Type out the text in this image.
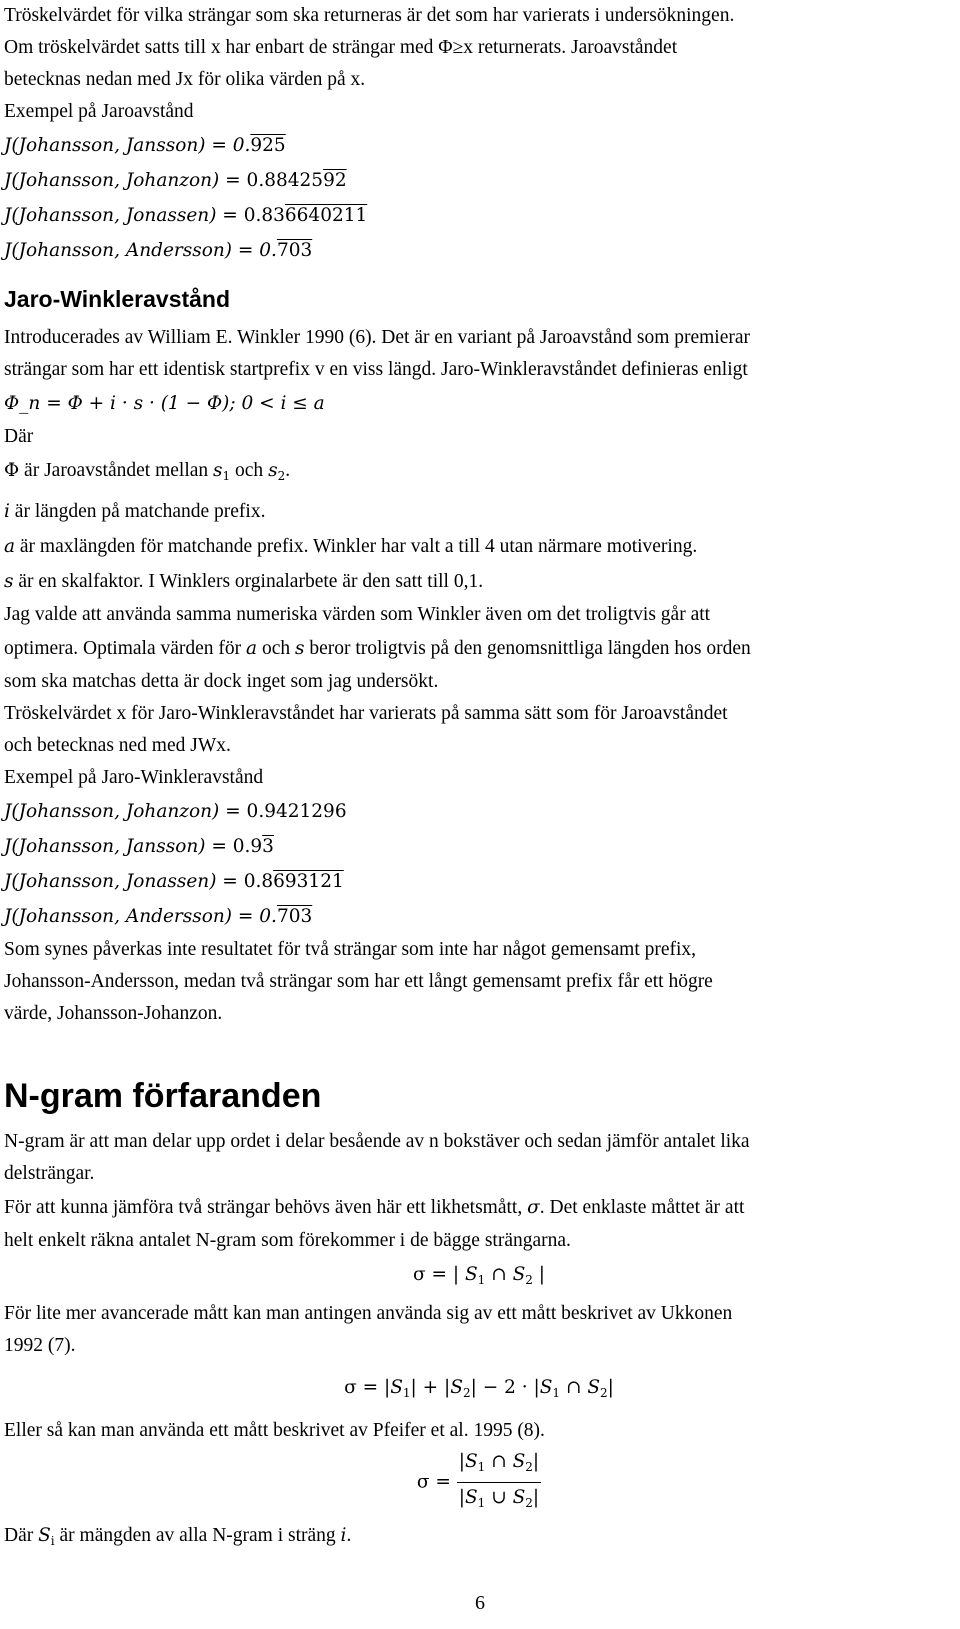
Tröskelvärdet för vilka strängar som ska returneras är det som har varierats i undersökningen.

Om tröskelvärdet satts till x har enbart de strängar med Φ≥x returnerats. Jaroavståndet

betecknas nedan med Jx för olika värden på x.

Exempel på Jaroavstånd

J(Johansson, Jansson) = 0.925

J(Johansson, Johanzon) = 0.8842592

J(Johansson, Jonassen) = 0.836640211

J(Johansson, Andersson) = 0.703

Jaro-Winkleravstånd

Introducerades av William E. Winkler 1990 (6). Det är en variant på Jaroavstånd som premierar

strängar som har ett identisk startprefix v en viss längd. Jaro-Winkleravståndet definieras enligt

Φ_n = Φ + i · s · (1 − Φ); 0 < i ≤ a

Där

Φ är Jaroavståndet mellan $s_1$ och $s_2$.

i är längden på matchande prefix.

a är maxlängden för matchande prefix. Winkler har valt a till 4 utan närmare motivering.

s är en skalfaktor. I Winklers orginalarbete är den satt till 0,1.

Jag valde att använda samma numeriska värden som Winkler även om det troligtvis går att

optimera. Optimala värden för a och s beror troligtvis på den genomsnittliga längden hos orden

som ska matchas detta är dock inget som jag undersökt.

Tröskelvärdet x för Jaro-Winkleravståndet har varierats på samma sätt som för Jaroavståndet

och betecknas ned med JWx.

Exempel på Jaro-Winkleravstånd

J(Johansson, Johanzon) = 0.9421296

J(Johansson, Jansson) = 0.93

J(Johansson, Jonassen) = 0.8693121

J(Johansson, Andersson) = 0.703

Som synes påverkas inte resultatet för två strängar som inte har något gemensamt prefix,

Johansson-Andersson, medan två strängar som har ett långt gemensamt prefix får ett högre

värde, Johansson-Johanzon.

N-gram förfaranden

N-gram är att man delar upp ordet i delar besående av n bokstäver och sedan jämför antalet lika

delsträngar.

För att kunna jämföra två strängar behövs även här ett likhetsmått, σ. Det enklaste måttet är att

helt enkelt räkna antalet N-gram som förekommer i de bägge strängarna.

σ = | $S_1$ ∩ $S_2$ |

För lite mer avancerade mått kan man antingen använda sig av ett mått beskrivet av Ukkonen

1992 (7).

$\sigma = |S_1| + |S_2| - 2 \cdot |S_1$ ∩ $S_2|$

Eller så kan man använda ett mått beskrivet av Pfeifer et al. 1995 (8).

$\sigma = \frac{|S_1 \cap S_2|}{|S_1 \cup S_2|}$

Där $S_i$ är mängden av alla N-gram i sträng i.

6
